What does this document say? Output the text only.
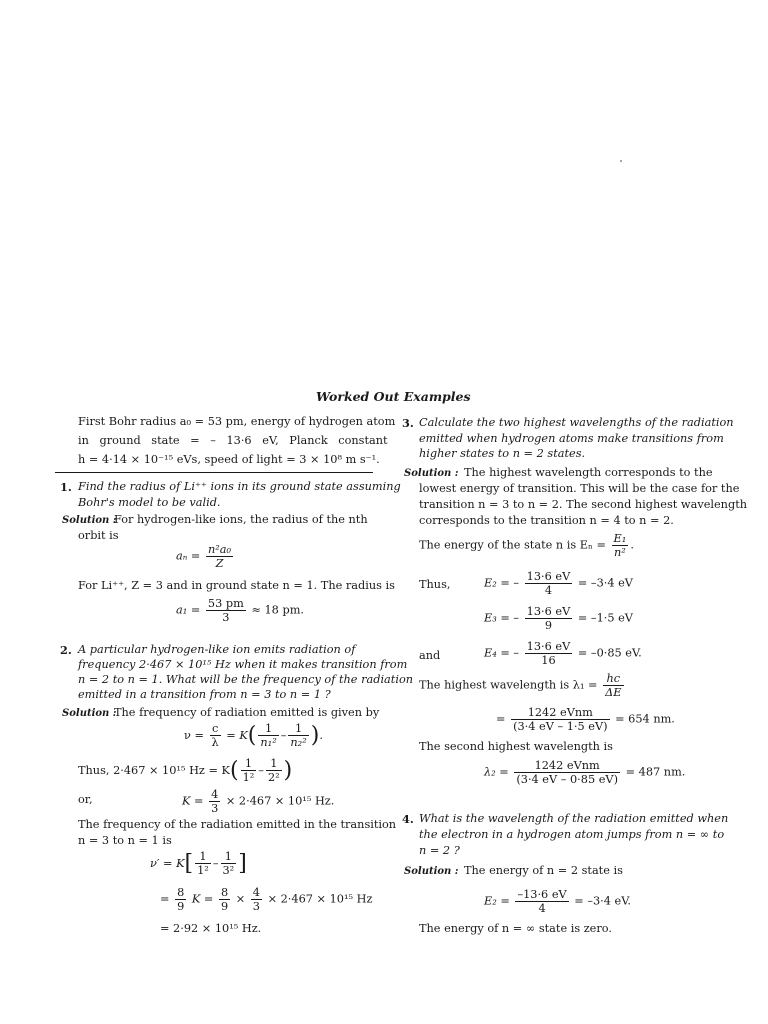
Worked Out Examples
First Bohr radius a₀ = 53 pm, energy of hydrogen atom
in ground state = – 13·6 eV, Planck constant
h = 4·14 × 10⁻¹⁵ eVs, speed of light = 3 × 10⁸ m s⁻¹.
1. Find the radius of Li⁺⁺ ions in its ground state assuming
Bohr's model to be valid.
Solution :
For hydrogen-like ions, the radius of the nth
orbit is
$a_n = \frac{\text{n²a₀}}{Z}$
For Li⁺⁺, Z = 3 and in ground state n = 1. The radius is
$a_1 = \frac{53 pm}{3} \approx 18$ pm.
2. A particular hydrogen-like ion emits radiation of
frequency 2·467 × 10¹⁵ Hz when it makes transition from
n = 2 to n = 1. What will be the frequency of the radiation
emitted in a transition from n = 3 to n = 1 ?
Solution :
The frequency of radiation emitted is given by
$\nu = \frac{c}{\lambda} = K( \frac{1}{\text{n₁²}} - \frac{1}{\text{n₂²}}$ ).
Thus, 2·467 × 10¹⁵ $Hz = K( \frac{1}{\text{1²}} - \frac{1}{\text{2²}}$ )
or,	$K = \frac{4}{3} \times 2\cdot 467 \times 10^{15}$ Hz.
The frequency of the radiation emitted in the transition
n = 3 to n = 1 is
$\nu' = K[ \frac{1}{\text{1²}} - \frac{1}{\text{3²}}$ ]
= $\frac{8}{9}$ $K = \frac{8}{9} \times \frac{4}{3} \times 2\cdot 467 \times 10^{15}$ Hz
= 2·92 × 10¹⁵ Hz.
3. Calculate the two highest wavelengths of the radiation
emitted when hydrogen atoms make transitions from
higher states to n = 2 states.
Solution : The highest wavelength corresponds to the
lowest energy of transition. This will be the case for the
transition n = 3 to n = 2. The second highest wavelength
corresponds to the transition n = 4 to n = 2.
The energy of the state n is $E_n = \frac{\text{E₁}}{\text{n²}}$ .
Thus,	E₂ = – $\frac{13\cdot 6 eV}{4} = -3\cdot 4$ eV
E₃ = – $\frac{13\cdot 6 eV}{9} = -1\cdot 5$ eV
and	E₄ = – $\frac{13\cdot 6 eV}{16} = -0\cdot 85$ eV.
The highest wavelength is $\lambda_1 = \frac{hc}{\Delta E}$
= $\frac{\text{1242 eVnm}}{(3\cdot 4 eV - 1\cdot 5 eV)} = 654$ nm.
The second highest wavelength is
$\lambda_2 = \frac{\text{1242 eVnm}}{(3\cdot 4 eV - 0\cdot 85 eV)} = 487$ nm.
4. What is the wavelength of the radiation emitted when
the electron in a hydrogen atom jumps from n = ∞ to
n = 2 ?
Solution : The energy of n = 2 state is
$E_2 = \frac{-13\cdot 6 eV}{4} = -3\cdot 4$ eV.
The energy of n = ∞ state is zero.
